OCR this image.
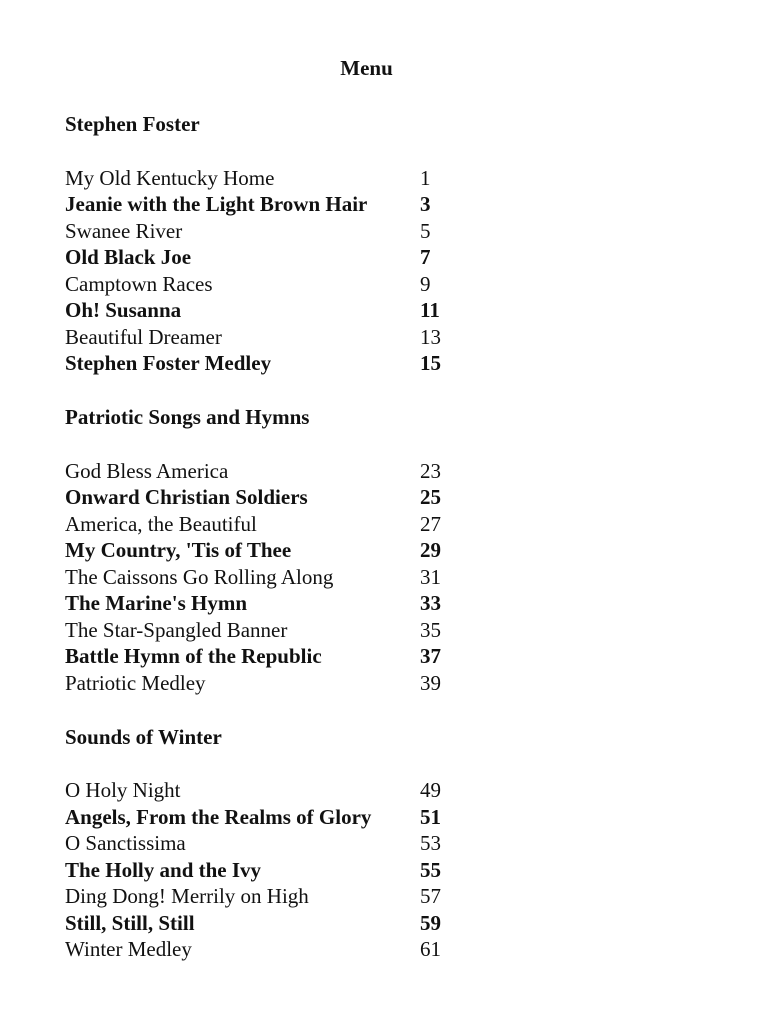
Menu
Stephen Foster
My Old Kentucky Home	1
Jeanie with the Light Brown Hair	3
Swanee River	5
Old Black Joe	7
Camptown Races	9
Oh! Susanna	11
Beautiful Dreamer	13
Stephen Foster Medley	15
Patriotic Songs and Hymns
God Bless America	23
Onward Christian Soldiers	25
America, the Beautiful	27
My Country, 'Tis of Thee	29
The Caissons Go Rolling Along	31
The Marine's Hymn	33
The Star-Spangled Banner	35
Battle Hymn of the Republic	37
Patriotic Medley	39
Sounds of Winter
O Holy Night	49
Angels, From the Realms of Glory	51
O Sanctissima	53
The Holly and the Ivy	55
Ding Dong! Merrily on High	57
Still, Still, Still	59
Winter Medley	61
